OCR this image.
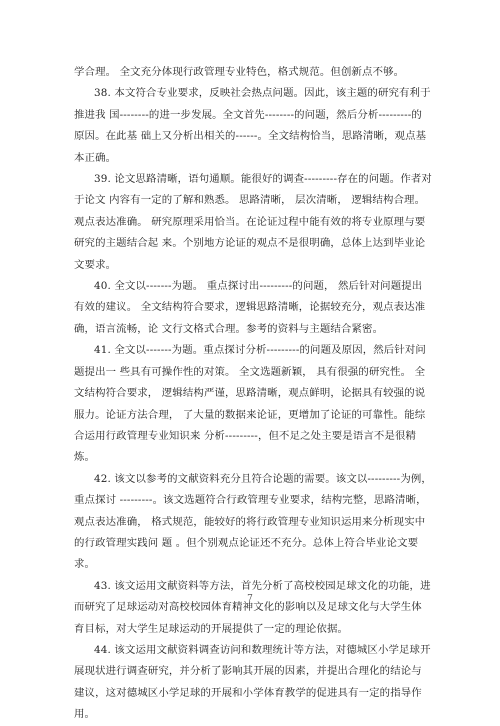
学合理。 全文充分体现行政管理专业特色，格式规范。但创新点不够。

38. 本文符合专业要求，反映社会热点问题。因此，该主题的研究有利于推进我 国--------的进一步发展。全文首先--------的问题，然后分析---------的原因。在此基 础上又分析出相关的------。全文结构恰当，思路清晰，观点基本正确。

39. 论文思路清晰，语句通顺。能很好的调查---------存在的问题。作者对于论文 内容有一定的了解和熟悉。 思路清晰， 层次清晰， 逻辑结构合理。 观点表达准确。 研究原理采用恰当。在论证过程中能有效的将专业原理与要研究的主题结合起 来。个别地方论证的观点不是很明确，总体上达到毕业论文要求。

40. 全文以-------为题。 重点探讨出---------的问题， 然后针对问题提出有效的建议。 全文结构符合要求，逻辑思路清晰，论据较充分，观点表达准确，语言流畅，论 文行文格式合理。参考的资料与主题结合紧密。

41. 全文以-------为题。重点探讨分析---------的问题及原因，然后针对问题提出一 些具有可操作性的对策。 全文选题新颖， 具有很强的研究性。 全文结构符合要求， 逻辑结构严谨，思路清晰，观点鲜明，论据具有较强的说服力。论证方法合理， 了大量的数据来论证，更增加了论证的可靠性。能综合运用行政管理专业知识来 分析---------，但不足之处主要是语言不是很精炼。

42. 该文以参考的文献资料充分且符合论题的需要。该文以---------为例，重点探讨 ---------。该文选题符合行政管理专业要求，结构完整，思路清晰，观点表达准确， 格式规范，能较好的将行政管理专业知识运用来分析现实中的行政管理实践问 题 。但个别观点论证还不充分。总体上符合毕业论文要求。

43. 该文运用文献资料等方法，首先分析了高校校园足球文化的功能，进而研究了足球运动对高校校园体育精神文化的影响以及足球文化与大学生体育目标，对大学生足球运动的开展提供了一定的理论依据。

44. 该文运用文献资料调查访问和数理统计等方法，对德城区小学足球开展现状进行调查研究，并分析了影响其开展的因素，并提出合理化的结论与建议，这对德城区小学足球的开展和小学体育教学的促进具有一定的指导作用。

7
